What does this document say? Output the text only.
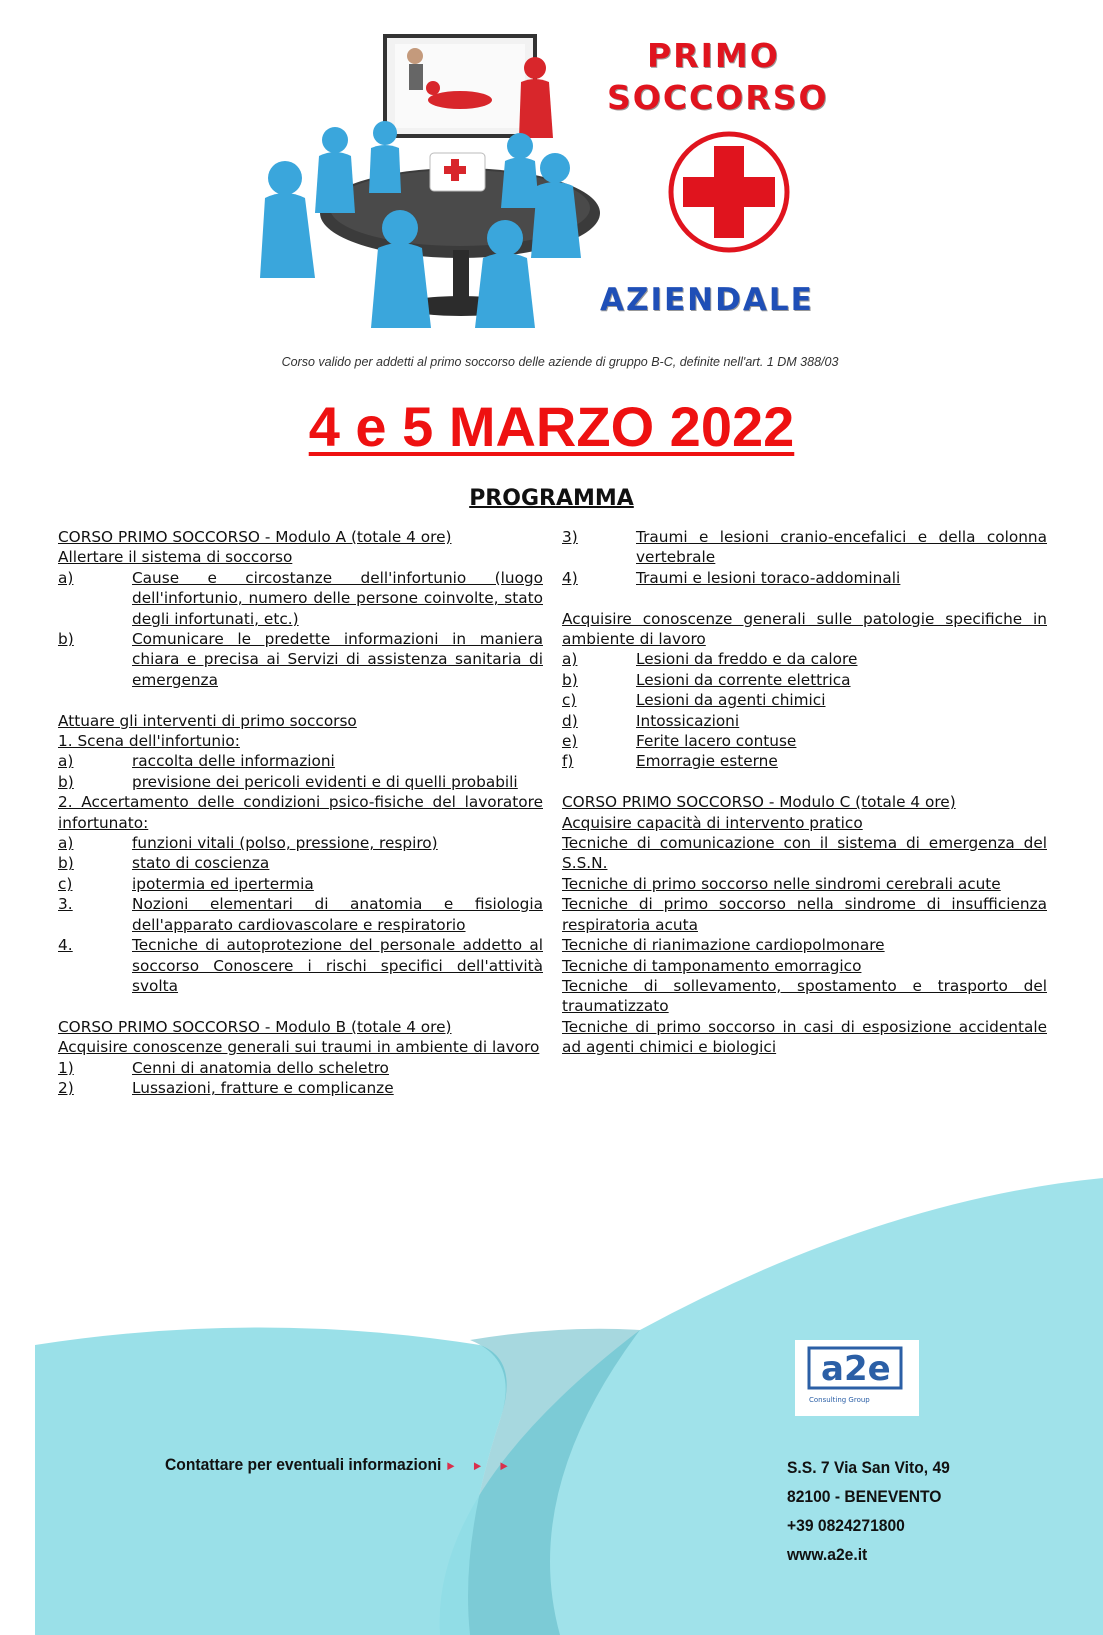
PRIMO
SOCCORSO
AZIENDALE
Corso valido per addetti al primo soccorso delle aziende di gruppo B-C, definite nell'art. 1 DM 388/03
4 e 5 MARZO 2022
PROGRAMMA
CORSO PRIMO SOCCORSO - Modulo A (totale 4 ore)
Allertare il sistema di soccorso
a)	Cause e circostanze dell'infortunio (luogo dell'infortunio, numero delle persone coinvolte, stato degli infortunati, etc.)
b)	Comunicare le predette informazioni in maniera chiara e precisa ai Servizi di assistenza sanitaria di emergenza
Attuare gli interventi di primo soccorso
1. Scena dell'infortunio:
a)	raccolta delle informazioni
b)	previsione dei pericoli evidenti e di quelli probabili
2. Accertamento delle condizioni psico-fisiche del lavoratore infortunato:
a)	funzioni vitali (polso, pressione, respiro)
b)	stato di coscienza
c)	ipotermia ed ipertermia
3.	Nozioni elementari di anatomia e fisiologia dell'apparato cardiovascolare e respiratorio
4.	Tecniche di autoprotezione del personale addetto al soccorso Conoscere i rischi specifici dell'attività svolta
CORSO PRIMO SOCCORSO - Modulo B (totale 4 ore)
Acquisire conoscenze generali sui traumi in ambiente di lavoro
1)	Cenni di anatomia dello scheletro
2)	Lussazioni, fratture e complicanze
3)	Traumi e lesioni cranio-encefalici e della colonna vertebrale
4)	Traumi e lesioni toraco-addominali
Acquisire conoscenze generali sulle patologie specifiche in ambiente di lavoro
a)	Lesioni da freddo e da calore
b)	Lesioni da corrente elettrica
c)	Lesioni da agenti chimici
d)	Intossicazioni
e)	Ferite lacero contuse
f)	Emorragie esterne
CORSO PRIMO SOCCORSO - Modulo C (totale 4 ore)
Acquisire capacità di intervento pratico
Tecniche di comunicazione con il sistema di emergenza del S.S.N.
Tecniche di primo soccorso nelle sindromi cerebrali acute
Tecniche di primo soccorso nella sindrome di insufficienza respiratoria acuta
Tecniche di rianimazione cardiopolmonare
Tecniche di tamponamento emorragico
Tecniche di sollevamento, spostamento e trasporto del traumatizzato
Tecniche di primo soccorso in casi di esposizione accidentale ad agenti chimici e biologici
a2e
Consulting Group
Contattare per eventuali informazioni ►►►	S.S. 7 Via San Vito, 49
82100 - BENEVENTO
+39 0824271800
www.a2e.it
